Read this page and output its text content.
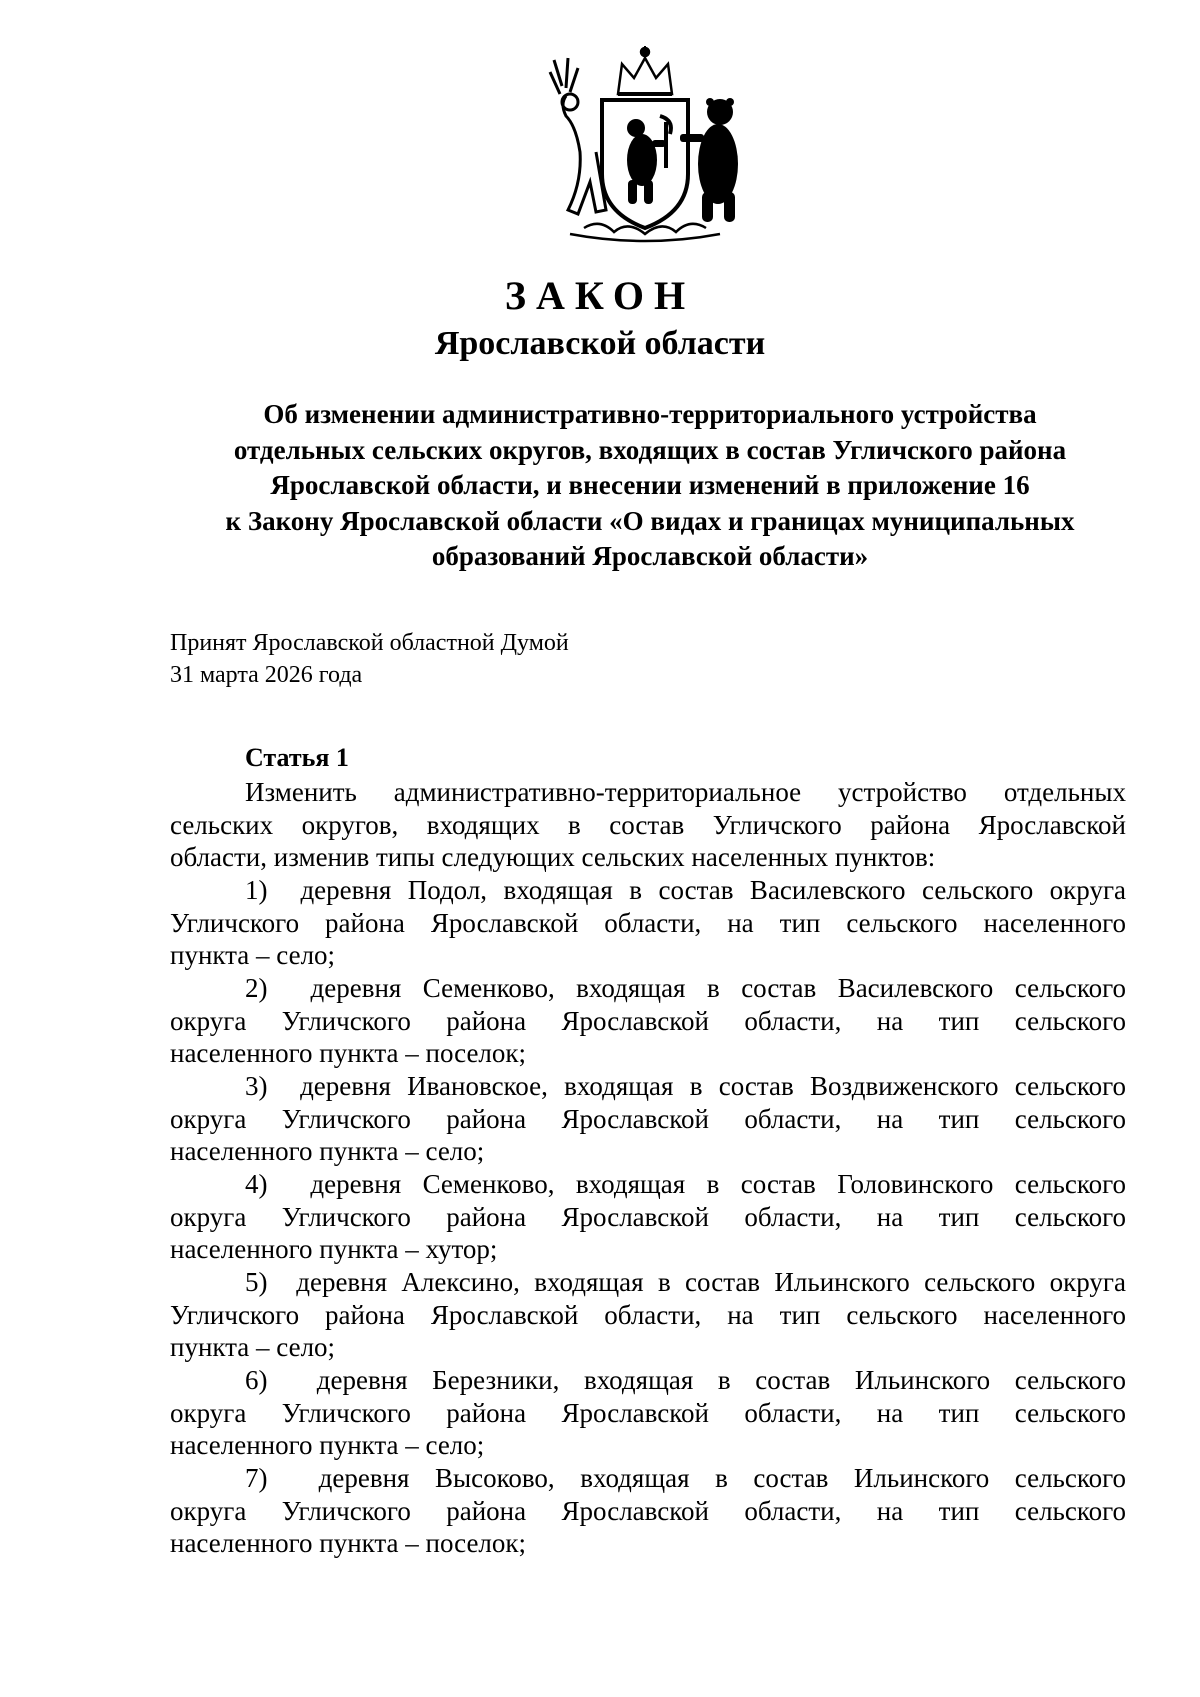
ЗАКОН
Ярославской области
Об изменении административно-территориального устройства
отдельных сельских округов, входящих в состав Угличского района
Ярославской области, и внесении изменений в приложение 16
к Закону Ярославской области «О видах и границах муниципальных
образований Ярославской области»
Принят Ярославской областной Думой
31 марта 2026 года
Статья 1
Изменить административно-территориальное устройство отдельных
сельских округов, входящих в состав Угличского района Ярославской
области, изменив типы следующих сельских населенных пунктов:
1) деревня Подол, входящая в состав Василевского сельского округа
Угличского района Ярославской области, на тип сельского населенного
пункта – село;
2) деревня Семенково, входящая в состав Василевского сельского
округа Угличского района Ярославской области, на тип сельского
населенного пункта – поселок;
3) деревня Ивановское, входящая в состав Воздвиженского сельского
округа Угличского района Ярославской области, на тип сельского
населенного пункта – село;
4) деревня Семенково, входящая в состав Головинского сельского
округа Угличского района Ярославской области, на тип сельского
населенного пункта – хутор;
5) деревня Алексино, входящая в состав Ильинского сельского округа
Угличского района Ярославской области, на тип сельского населенного
пункта – село;
6) деревня Березники, входящая в состав Ильинского сельского
округа Угличского района Ярославской области, на тип сельского
населенного пункта – село;
7) деревня Высоково, входящая в состав Ильинского сельского
округа Угличского района Ярославской области, на тип сельского
населенного пункта – поселок;
